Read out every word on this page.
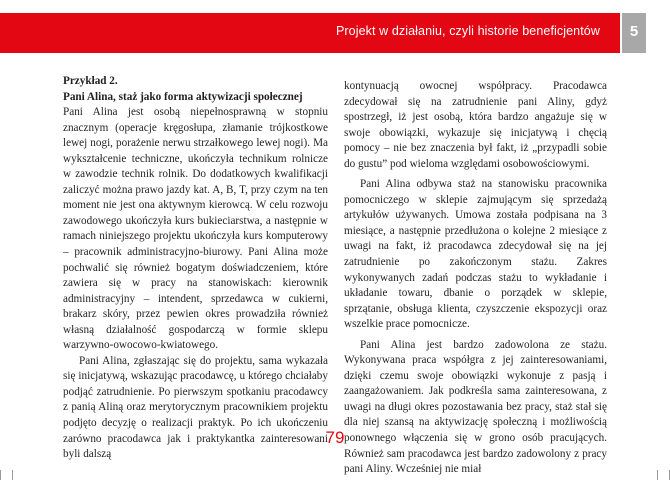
Projekt w działaniu, czyli historie beneficjentów	5

Przykład 2.

Pani Alina, staż jako forma aktywizacji społecznej

Pani Alina jest osobą niepełnosprawną w stopniu znacznym (operacje kręgosłupa, złamanie trójkostkowe lewej nogi, porażenie nerwu strzałkowego lewej nogi). Ma wykształcenie techniczne, ukończyła technikum rolnicze w zawodzie technik rolnik. Do dodatkowych kwalifikacji zaliczyć można prawo jazdy kat. A, B, T, przy czym na ten moment nie jest ona aktywnym kierowcą. W celu rozwoju zawodowego ukończyła kurs bukieciarstwa, a następnie w ramach niniejszego projektu ukończyła kurs komputerowy – pracownik administracyjno-biurowy. Pani Alina może pochwalić się również bogatym doświadczeniem, które zawiera się w pracy na stanowiskach: kierownik administracyjny – intendent, sprzedawca w cukierni, brakarz skóry, przez pewien okres prowadziła również własną działalność gospodarczą w formie sklepu warzywno-owocowo-kwiatowego.

Pani Alina, zgłaszając się do projektu, sama wykazała się inicjatywą, wskazując pracodawcę, u którego chciałaby podjąć zatrudnienie. Po pierwszym spotkaniu pracodawcy z panią Aliną oraz merytorycznym pracownikiem projektu podjęto decyzję o realizacji praktyk. Po ich ukończeniu zarówno pracodawca jak i praktykantka zainteresowani byli dalszą

kontynuacją owocnej współpracy. Pracodawca zdecydował się na zatrudnienie pani Aliny, gdyż spostrzegł, iż jest osobą, która bardzo angażuje się w swoje obowiązki, wykazuje się inicjatywą i chęcią pomocy – nie bez znaczenia był fakt, iż „przypadli sobie do gustu” pod wieloma względami osobowościowymi.

Pani Alina odbywa staż na stanowisku pracownika pomocniczego w sklepie zajmującym się sprzedażą artykułów używanych. Umowa została podpisana na 3 miesiące, a następnie przedłużona o kolejne 2 miesiące z uwagi na fakt, iż pracodawca zdecydował się na jej zatrudnienie po zakończonym stażu. Zakres wykonywanych zadań podczas stażu to wykładanie i układanie towaru, dbanie o porządek w sklepie, sprzątanie, obsługa klienta, czyszczenie ekspozycji oraz wszelkie prace pomocnicze.

Pani Alina jest bardzo zadowolona ze stażu. Wykonywana praca współgra z jej zainteresowaniami, dzięki czemu swoje obowiązki wykonuje z pasją i zaangażowaniem. Jak podkreśla sama zainteresowana, z uwagi na długi okres pozostawania bez pracy, staż stał się dla niej szansą na aktywizację społeczną i możliwością ponownego włączenia się w grono osób pracujących. Również sam pracodawca jest bardzo zadowolony z pracy pani Aliny. Wcześniej nie miał

79
